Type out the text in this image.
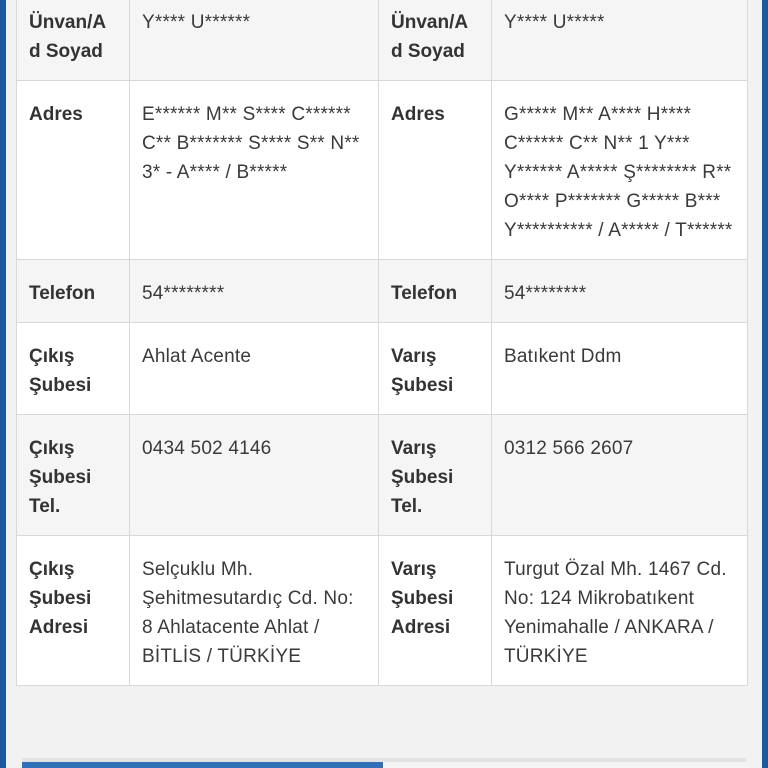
Ünvan/Ad Soyad	Y**** U******	Ünvan/Ad Soyad	Y**** U*****
Adres	E****** M** S**** C****** C** B******* S**** S** N** 3* - A**** / B*****	Adres	G***** M** A**** H**** C****** C** N** 1 Y*** Y****** A***** Ş******** R** O**** P******* G***** B*** Y********** / A***** / T******
Telefon	54********	Telefon	54********
Çıkış Şubesi	Ahlat Acente	Varış Şubesi	Batıkent Ddm
Çıkış Şubesi Tel.	0434 502 4146	Varış Şubesi Tel.	0312 566 2607
Çıkış Şubesi Adresi	Selçuklu Mh. Şehitmesutardıç Cd. No: 8 Ahlatacente Ahlat / BİTLİS / TÜRKİYE	Varış Şubesi Adresi	Turgut Özal Mh. 1467 Cd. No: 124 Mikrobatıkent Yenimahalle / ANKARA / TÜRKİYE
